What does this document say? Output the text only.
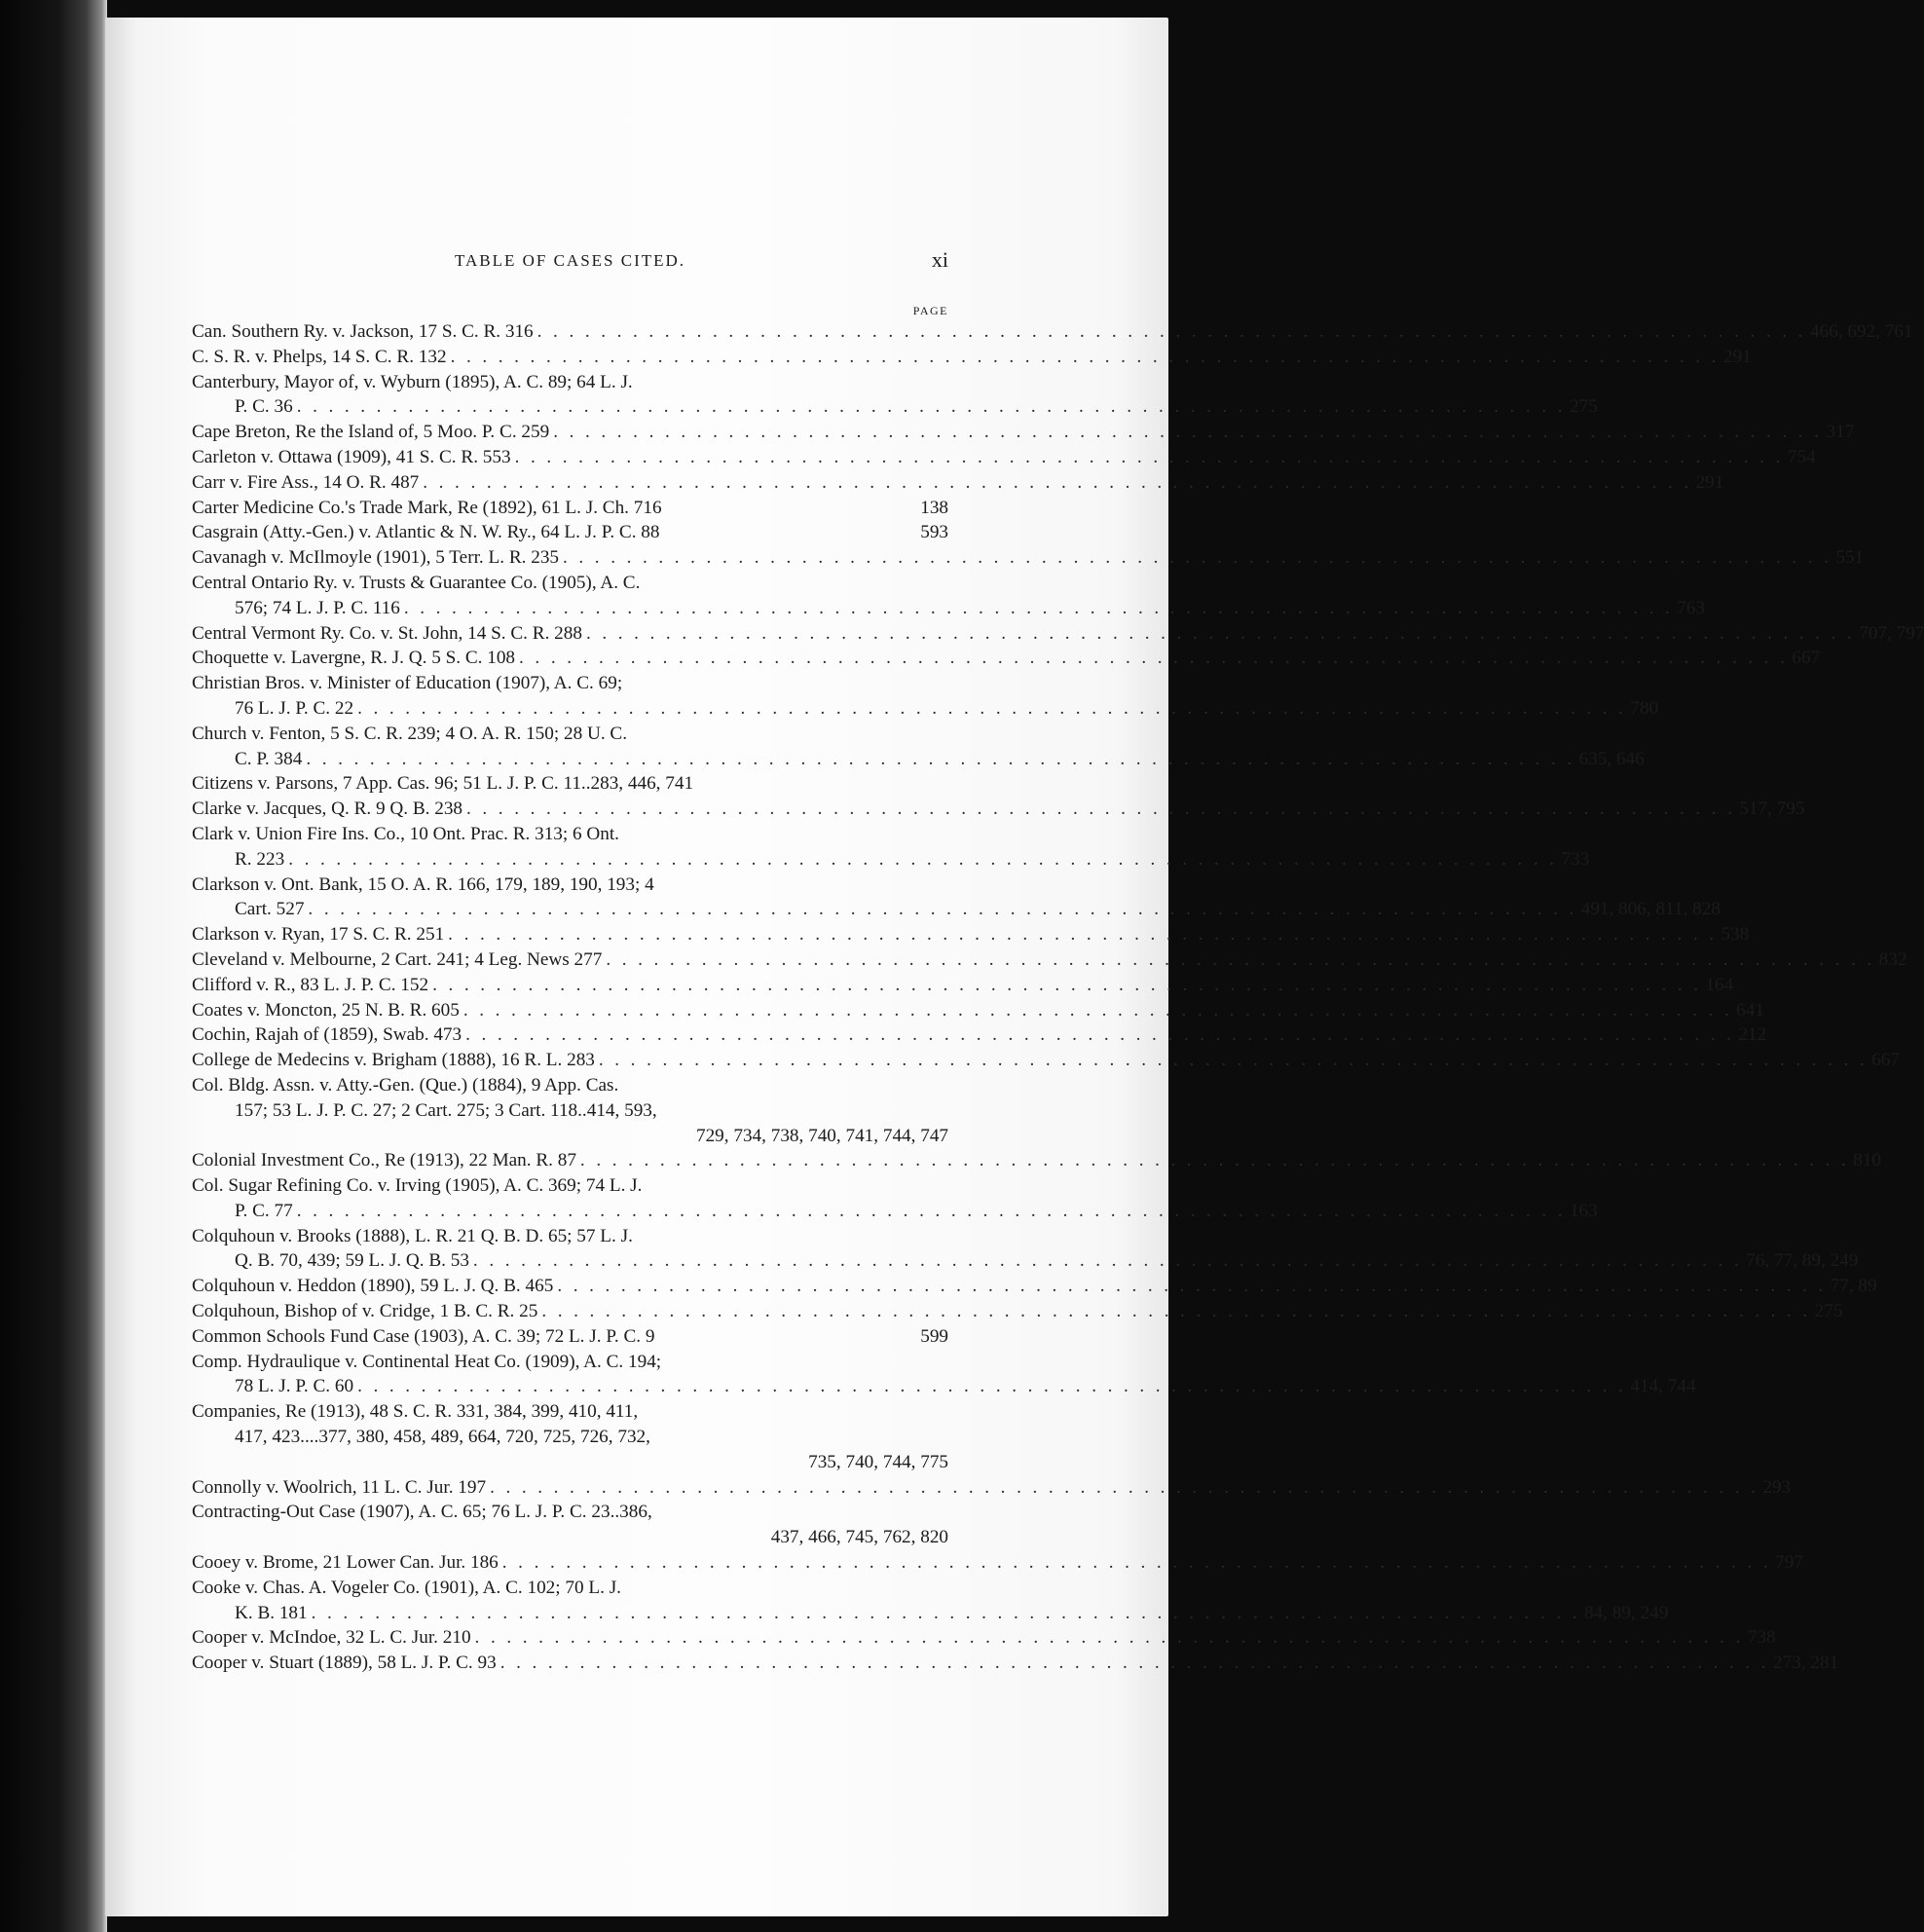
TABLE OF CASES CITED.	xi
PAGE
Can. Southern Ry. v. Jackson, 17 S. C. R. 316 . . . . . . . . . . . . . . . . . . . . . . . . . . . . . . . . . . . . . . . . . . . . . . . . . . . . . . . . . . . . . . . . . . . . . . . . . . . . . . . . 466, 692, 761
C. S. R. v. Phelps, 14 S. C. R. 132 . . . . . . . . . . . . . . . . . . . . . . . . . . . . . . . . . . . . . . . . . . . . . . . . . . . . . . . . . . . . . . . . . . . . . . . . . . . . . . . . 291
Canterbury, Mayor of, v. Wyburn (1895), A. C. 89; 64 L. J.
P. C. 36 . . . . . . . . . . . . . . . . . . . . . . . . . . . . . . . . . . . . . . . . . . . . . . . . . . . . . . . . . . . . . . . . . . . . . . . . . . . . . . . . 275
Cape Breton, Re the Island of, 5 Moo. P. C. 259 . . . . . . . . . . . . . . . . . . . . . . . . . . . . . . . . . . . . . . . . . . . . . . . . . . . . . . . . . . . . . . . . . . . . . . . . . . . . . . . . 317
Carleton v. Ottawa (1909), 41 S. C. R. 553 . . . . . . . . . . . . . . . . . . . . . . . . . . . . . . . . . . . . . . . . . . . . . . . . . . . . . . . . . . . . . . . . . . . . . . . . . . . . . . . . 754
Carr v. Fire Ass., 14 O. R. 487 . . . . . . . . . . . . . . . . . . . . . . . . . . . . . . . . . . . . . . . . . . . . . . . . . . . . . . . . . . . . . . . . . . . . . . . . . . . . . . . . 291
Carter Medicine Co.'s Trade Mark, Re (1892), 61 L. J. Ch. 716	138
Casgrain (Atty.-Gen.) v. Atlantic & N. W. Ry., 64 L. J. P. C. 88	593
Cavanagh v. McIlmoyle (1901), 5 Terr. L. R. 235 . . . . . . . . . . . . . . . . . . . . . . . . . . . . . . . . . . . . . . . . . . . . . . . . . . . . . . . . . . . . . . . . . . . . . . . . . . . . . . . . 551
Central Ontario Ry. v. Trusts & Guarantee Co. (1905), A. C.
576; 74 L. J. P. C. 116 . . . . . . . . . . . . . . . . . . . . . . . . . . . . . . . . . . . . . . . . . . . . . . . . . . . . . . . . . . . . . . . . . . . . . . . . . . . . . . . . 763
Central Vermont Ry. Co. v. St. John, 14 S. C. R. 288 . . . . . . . . . . . . . . . . . . . . . . . . . . . . . . . . . . . . . . . . . . . . . . . . . . . . . . . . . . . . . . . . . . . . . . . . . . . . . . . . 707, 797
Choquette v. Lavergne, R. J. Q. 5 S. C. 108 . . . . . . . . . . . . . . . . . . . . . . . . . . . . . . . . . . . . . . . . . . . . . . . . . . . . . . . . . . . . . . . . . . . . . . . . . . . . . . . . 667
Christian Bros. v. Minister of Education (1907), A. C. 69;
76 L. J. P. C. 22 . . . . . . . . . . . . . . . . . . . . . . . . . . . . . . . . . . . . . . . . . . . . . . . . . . . . . . . . . . . . . . . . . . . . . . . . . . . . . . . . 780
Church v. Fenton, 5 S. C. R. 239; 4 O. A. R. 150; 28 U. C.
C. P. 384 . . . . . . . . . . . . . . . . . . . . . . . . . . . . . . . . . . . . . . . . . . . . . . . . . . . . . . . . . . . . . . . . . . . . . . . . . . . . . . . . 635, 646
Citizens v. Parsons, 7 App. Cas. 96; 51 L. J. P. C. 11..283, 446, 741
Clarke v. Jacques, Q. R. 9 Q. B. 238 . . . . . . . . . . . . . . . . . . . . . . . . . . . . . . . . . . . . . . . . . . . . . . . . . . . . . . . . . . . . . . . . . . . . . . . . . . . . . . . . 517, 795
Clark v. Union Fire Ins. Co., 10 Ont. Prac. R. 313; 6 Ont.
R. 223 . . . . . . . . . . . . . . . . . . . . . . . . . . . . . . . . . . . . . . . . . . . . . . . . . . . . . . . . . . . . . . . . . . . . . . . . . . . . . . . . 733
Clarkson v. Ont. Bank, 15 O. A. R. 166, 179, 189, 190, 193; 4
Cart. 527 . . . . . . . . . . . . . . . . . . . . . . . . . . . . . . . . . . . . . . . . . . . . . . . . . . . . . . . . . . . . . . . . . . . . . . . . . . . . . . . . 491, 806, 811, 828
Clarkson v. Ryan, 17 S. C. R. 251 . . . . . . . . . . . . . . . . . . . . . . . . . . . . . . . . . . . . . . . . . . . . . . . . . . . . . . . . . . . . . . . . . . . . . . . . . . . . . . . . 538
Cleveland v. Melbourne, 2 Cart. 241; 4 Leg. News 277 . . . . . . . . . . . . . . . . . . . . . . . . . . . . . . . . . . . . . . . . . . . . . . . . . . . . . . . . . . . . . . . . . . . . . . . . . . . . . . . . 832
Clifford v. R., 83 L. J. P. C. 152 . . . . . . . . . . . . . . . . . . . . . . . . . . . . . . . . . . . . . . . . . . . . . . . . . . . . . . . . . . . . . . . . . . . . . . . . . . . . . . . . 164
Coates v. Moncton, 25 N. B. R. 605 . . . . . . . . . . . . . . . . . . . . . . . . . . . . . . . . . . . . . . . . . . . . . . . . . . . . . . . . . . . . . . . . . . . . . . . . . . . . . . . . 641
Cochin, Rajah of (1859), Swab. 473 . . . . . . . . . . . . . . . . . . . . . . . . . . . . . . . . . . . . . . . . . . . . . . . . . . . . . . . . . . . . . . . . . . . . . . . . . . . . . . . . 212
College de Medecins v. Brigham (1888), 16 R. L. 283 . . . . . . . . . . . . . . . . . . . . . . . . . . . . . . . . . . . . . . . . . . . . . . . . . . . . . . . . . . . . . . . . . . . . . . . . . . . . . . . . 667
Col. Bldg. Assn. v. Atty.-Gen. (Que.) (1884), 9 App. Cas.
157; 53 L. J. P. C. 27; 2 Cart. 275; 3 Cart. 118..414, 593,
729, 734, 738, 740, 741, 744, 747
Colonial Investment Co., Re (1913), 22 Man. R. 87 . . . . . . . . . . . . . . . . . . . . . . . . . . . . . . . . . . . . . . . . . . . . . . . . . . . . . . . . . . . . . . . . . . . . . . . . . . . . . . . . 810
Col. Sugar Refining Co. v. Irving (1905), A. C. 369; 74 L. J.
P. C. 77 . . . . . . . . . . . . . . . . . . . . . . . . . . . . . . . . . . . . . . . . . . . . . . . . . . . . . . . . . . . . . . . . . . . . . . . . . . . . . . . . 163
Colquhoun v. Brooks (1888), L. R. 21 Q. B. D. 65; 57 L. J.
Q. B. 70, 439; 59 L. J. Q. B. 53 . . . . . . . . . . . . . . . . . . . . . . . . . . . . . . . . . . . . . . . . . . . . . . . . . . . . . . . . . . . . . . . . . . . . . . . . . . . . . . . . 76, 77, 89, 249
Colquhoun v. Heddon (1890), 59 L. J. Q. B. 465 . . . . . . . . . . . . . . . . . . . . . . . . . . . . . . . . . . . . . . . . . . . . . . . . . . . . . . . . . . . . . . . . . . . . . . . . . . . . . . . . 77, 89
Colquhoun, Bishop of v. Cridge, 1 B. C. R. 25 . . . . . . . . . . . . . . . . . . . . . . . . . . . . . . . . . . . . . . . . . . . . . . . . . . . . . . . . . . . . . . . . . . . . . . . . . . . . . . . . 275
Common Schools Fund Case (1903), A. C. 39; 72 L. J. P. C. 9	599
Comp. Hydraulique v. Continental Heat Co. (1909), A. C. 194;
78 L. J. P. C. 60 . . . . . . . . . . . . . . . . . . . . . . . . . . . . . . . . . . . . . . . . . . . . . . . . . . . . . . . . . . . . . . . . . . . . . . . . . . . . . . . . 414, 744
Companies, Re (1913), 48 S. C. R. 331, 384, 399, 410, 411,
417, 423....377, 380, 458, 489, 664, 720, 725, 726, 732,
735, 740, 744, 775
Connolly v. Woolrich, 11 L. C. Jur. 197 . . . . . . . . . . . . . . . . . . . . . . . . . . . . . . . . . . . . . . . . . . . . . . . . . . . . . . . . . . . . . . . . . . . . . . . . . . . . . . . . 293
Contracting-Out Case (1907), A. C. 65; 76 L. J. P. C. 23..386,
437, 466, 745, 762, 820
Cooey v. Brome, 21 Lower Can. Jur. 186 . . . . . . . . . . . . . . . . . . . . . . . . . . . . . . . . . . . . . . . . . . . . . . . . . . . . . . . . . . . . . . . . . . . . . . . . . . . . . . . . 797
Cooke v. Chas. A. Vogeler Co. (1901), A. C. 102; 70 L. J.
K. B. 181 . . . . . . . . . . . . . . . . . . . . . . . . . . . . . . . . . . . . . . . . . . . . . . . . . . . . . . . . . . . . . . . . . . . . . . . . . . . . . . . . 84, 89, 249
Cooper v. McIndoe, 32 L. C. Jur. 210 . . . . . . . . . . . . . . . . . . . . . . . . . . . . . . . . . . . . . . . . . . . . . . . . . . . . . . . . . . . . . . . . . . . . . . . . . . . . . . . . 738
Cooper v. Stuart (1889), 58 L. J. P. C. 93 . . . . . . . . . . . . . . . . . . . . . . . . . . . . . . . . . . . . . . . . . . . . . . . . . . . . . . . . . . . . . . . . . . . . . . . . . . . . . . . . 273, 281
